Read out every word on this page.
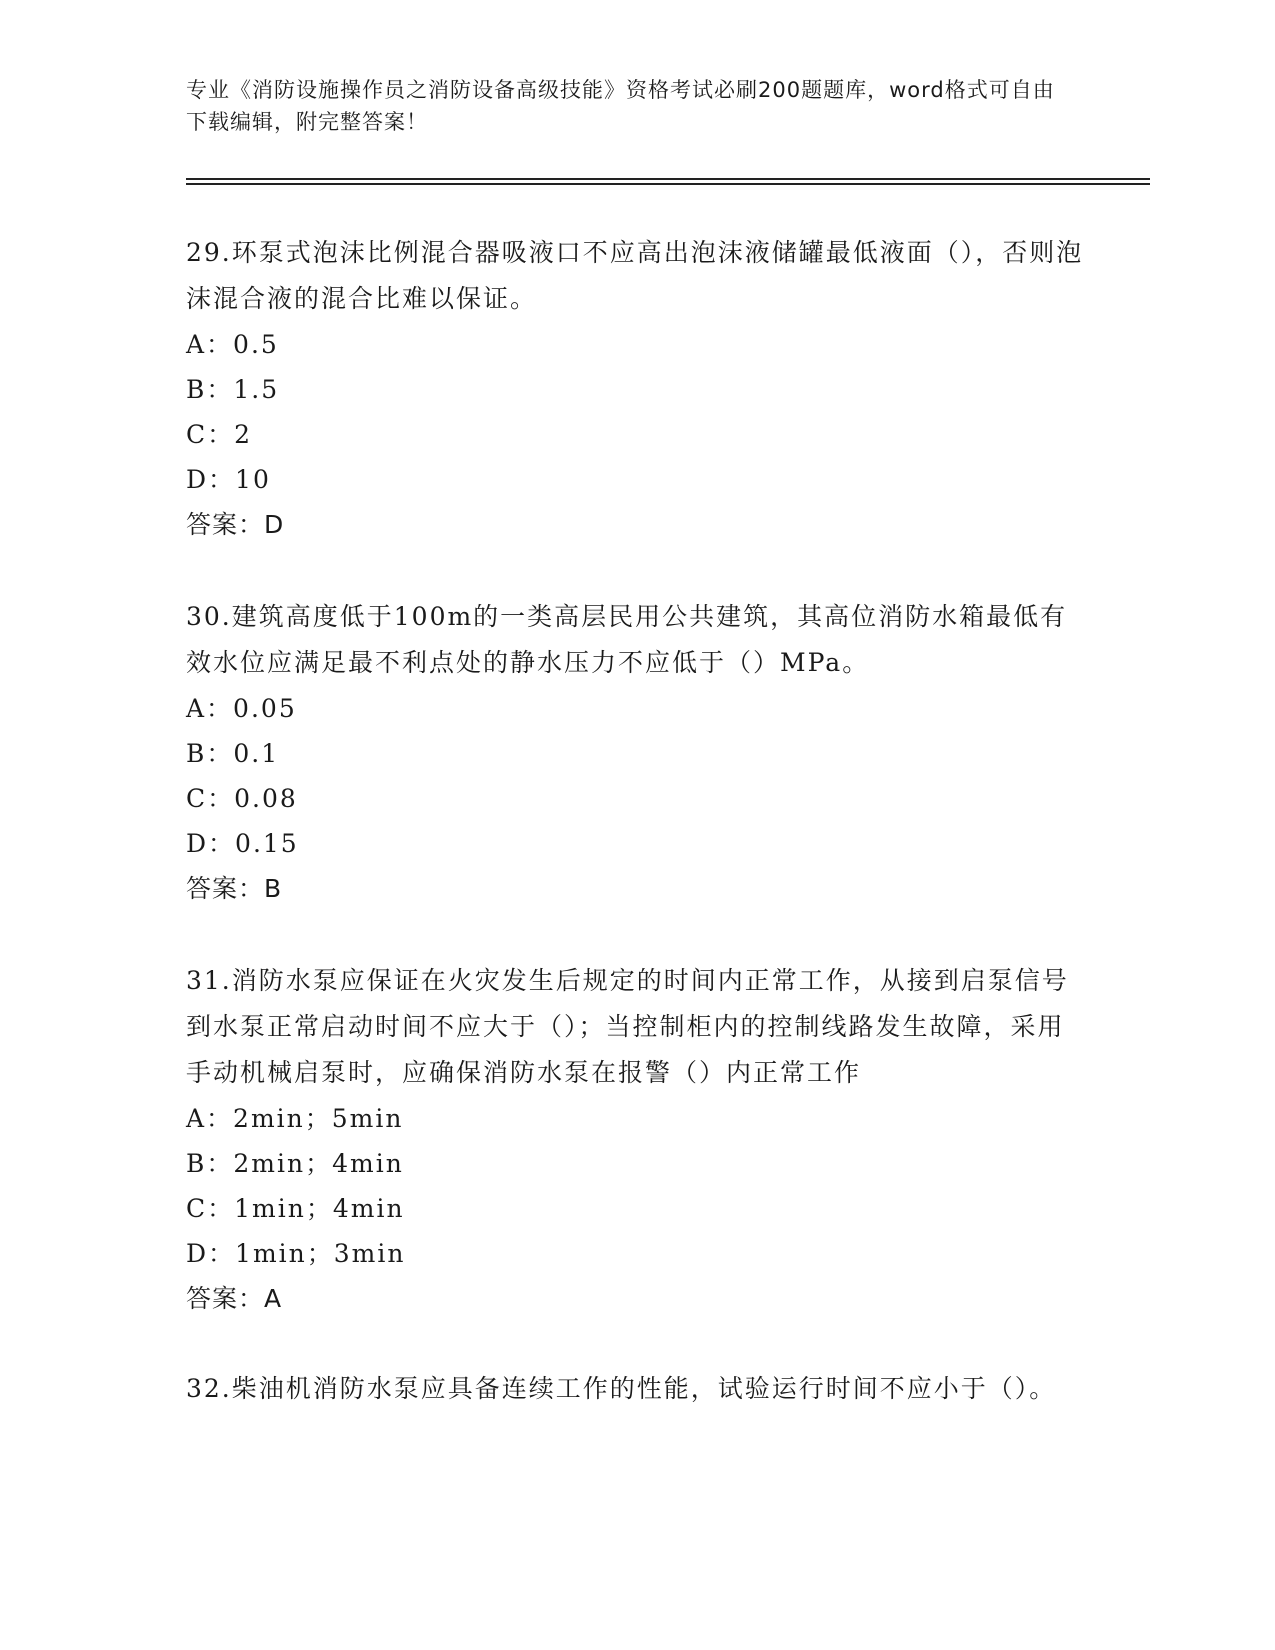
专业《消防设施操作员之消防设备高级技能》资格考试必刷200题题库，word格式可自由下载编辑，附完整答案！
29.环泵式泡沫比例混合器吸液口不应高出泡沫液储罐最低液面（），否则泡沫混合液的混合比难以保证。
A：0.5
B：1.5
C：2
D：10
答案：D
30.建筑高度低于100m的一类高层民用公共建筑，其高位消防水箱最低有效水位应满足最不利点处的静水压力不应低于（）MPa。
A：0.05
B：0.1
C：0.08
D：0.15
答案：B
31.消防水泵应保证在火灾发生后规定的时间内正常工作，从接到启泵信号到水泵正常启动时间不应大于（）；当控制柜内的控制线路发生故障，采用手动机械启泵时，应确保消防水泵在报警（）内正常工作
A：2min；5min
B：2min；4min
C：1min；4min
D：1min；3min
答案：A
32.柴油机消防水泵应具备连续工作的性能，试验运行时间不应小于（）。
